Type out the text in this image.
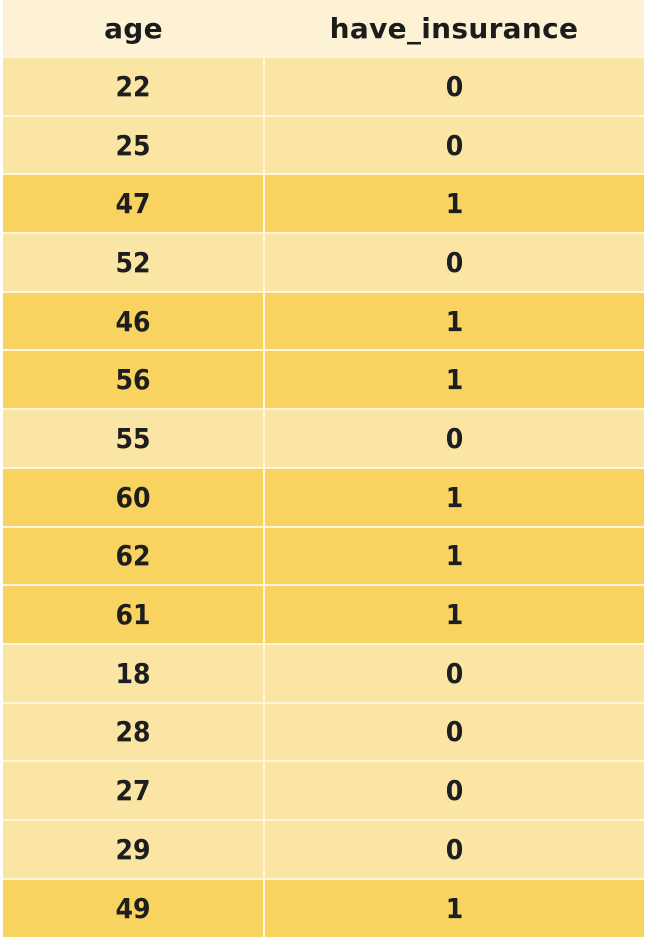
age	have_insurance
22	0
25	0
47	1
52	0
46	1
56	1
55	0
60	1
62	1
61	1
18	0
28	0
27	0
29	0
49	1
